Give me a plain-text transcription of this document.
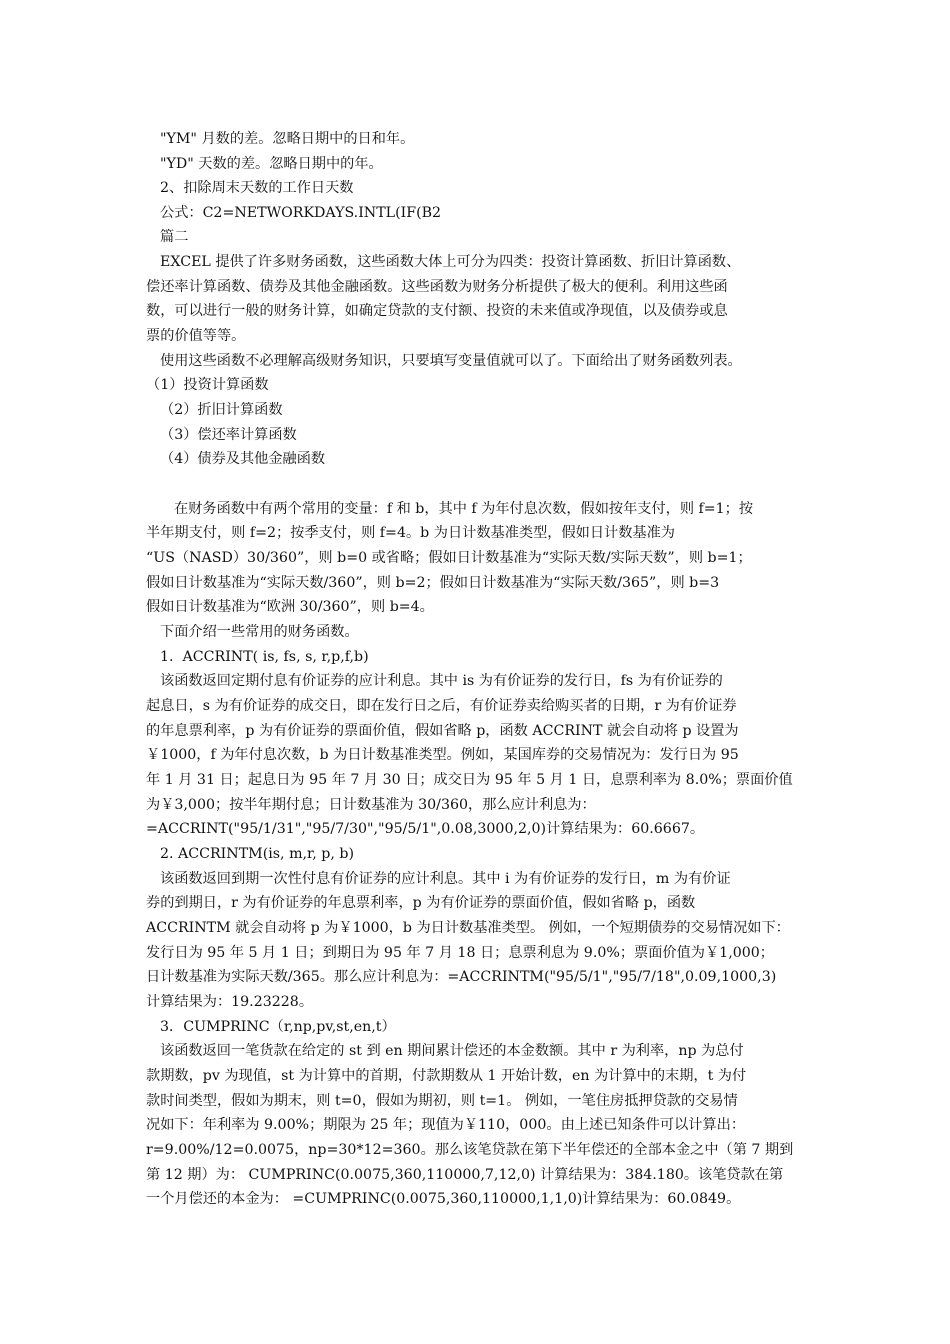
"YM" 月数的差。忽略日期中的日和年。
"YD" 天数的差。忽略日期中的年。
2、扣除周末天数的工作日天数
公式：C2=NETWORKDAYS.INTL(IF(B2
篇二
EXCEL 提供了许多财务函数，这些函数大体上可分为四类：投资计算函数、折旧计算函数、
偿还率计算函数、债券及其他金融函数。这些函数为财务分析提供了极大的便利。利用这些函
数，可以进行一般的财务计算，如确定贷款的支付额、投资的未来值或净现值，以及债券或息
票的价值等等。
使用这些函数不必理解高级财务知识，只要填写变量值就可以了。下面给出了财务函数列表。
（1）投资计算函数
（2）折旧计算函数
（3）偿还率计算函数
（4）债券及其他金融函数
在财务函数中有两个常用的变量：f 和 b，其中 f 为年付息次数，假如按年支付，则 f=1；按
半年期支付，则 f=2；按季支付，则 f=4。b 为日计数基准类型，假如日计数基准为
“US（NASD）30/360”，则 b=0 或省略；假如日计数基准为“实际天数/实际天数”，则 b=1；
假如日计数基准为“实际天数/360”，则 b=2；假如日计数基准为“实际天数/365”，则 b=3
假如日计数基准为“欧洲 30/360”，则 b=4。
下面介绍一些常用的财务函数。
1.  ACCRINT( is, fs, s, r,p,f,b)
该函数返回定期付息有价证券的应计利息。其中 is 为有价证券的发行日，fs 为有价证券的
起息日，s 为有价证券的成交日，即在发行日之后，有价证券卖给购买者的日期，r 为有价证券
的年息票利率，p 为有价证券的票面价值，假如省略 p，函数 ACCRINT 就会自动将 p 设置为
￥1000，f 为年付息次数，b 为日计数基准类型。例如，某国库券的交易情况为：发行日为 95
年 1 月 31 日；起息日为 95 年 7 月 30 日；成交日为 95 年 5 月 1 日，息票利率为 8.0%；票面价值
为￥3,000；按半年期付息；日计数基准为 30/360，那么应计利息为：
=ACCRINT("95/1/31","95/7/30","95/5/1",0.08,3000,2,0)计算结果为：60.6667。
2. ACCRINTM(is, m,r, p, b)
该函数返回到期一次性付息有价证券的应计利息。其中 i 为有价证券的发行日，m 为有价证
券的到期日，r 为有价证券的年息票利率，p 为有价证券的票面价值，假如省略 p，函数
ACCRINTM 就会自动将 p 为￥1000，b 为日计数基准类型。 例如，一个短期债券的交易情况如下：
发行日为 95 年 5 月 1 日；到期日为 95 年 7 月 18 日；息票利息为 9.0%；票面价值为￥1,000；
日计数基准为实际天数/365。那么应计利息为：=ACCRINTM("95/5/1","95/7/18",0.09,1000,3)
计算结果为：19.23228。
3．CUMPRINC（r,np,pv,st,en,t）
该函数返回一笔货款在给定的 st 到 en 期间累计偿还的本金数额。其中 r 为利率，np 为总付
款期数，pv 为现值，st 为计算中的首期，付款期数从 1 开始计数，en 为计算中的末期，t 为付
款时间类型，假如为期末，则 t=0，假如为期初，则 t=1。 例如，一笔住房抵押贷款的交易情
况如下：年利率为 9.00%；期限为 25 年；现值为￥110，000。由上述已知条件可以计算出：
r=9.00%/12=0.0075，np=30*12=360。那么该笔贷款在第下半年偿还的全部本金之中（第 7 期到
第 12 期）为： CUMPRINC(0.0075,360,110000,7,12,0) 计算结果为：384.180。该笔贷款在第
一个月偿还的本金为： =CUMPRINC(0.0075,360,110000,1,1,0)计算结果为：60.0849。
